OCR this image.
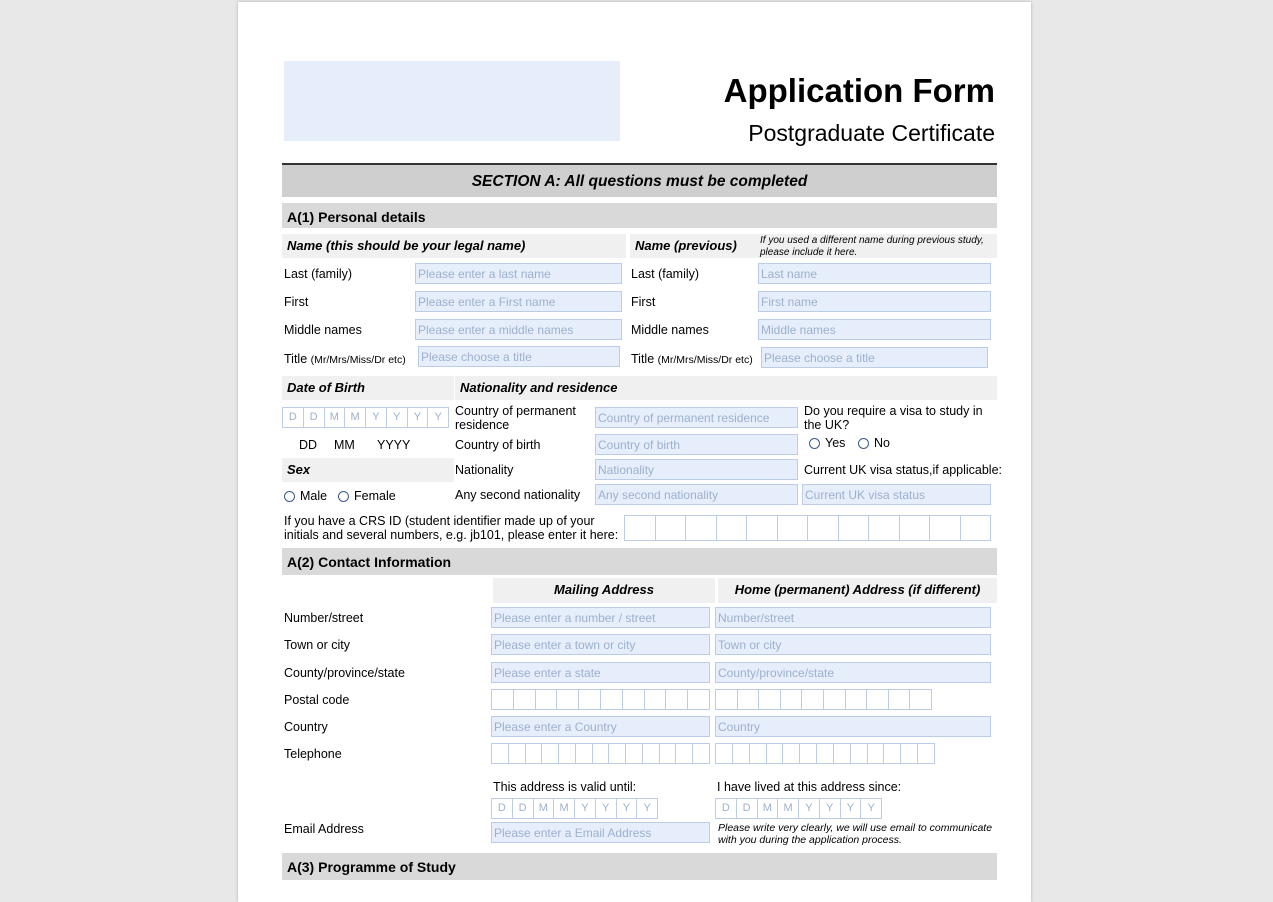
Application Form
Postgraduate Certificate
SECTION A: All questions must be completed
A(1) Personal details
Name (this should be your legal name)	Name (previous) If you used a different name during previous study, please include it here.
Last (family)	Please enter a last name	Last (family)	Last name
First	Please enter a First name	First	First name
Middle names	Please enter a middle names	Middle names	Middle names
Title (Mr/Mrs/Miss/Dr etc) Please choose a title	Title (Mr/Mrs/Miss/Dr etc) Please choose a title
Date of Birth	Nationality and residence
D	D	M	M	Y	Y	Y	Y
DD MM YYYY
Sex
Male Female
Country of permanent residence	Country of permanent residence
Country of birth	Country of birth
Nationality	Nationality
Any second nationality Any second nationality
Do you require a visa to study in the UK?
Yes No
Current UK visa status,if applicable:
Current UK visa status
If you have a CRS ID (student identifier made up of your initials and several numbers, e.g. jb101, please enter it here:
A(2) Contact Information
Mailing Address	Home (permanent) Address (if different)
Number/street	Please enter a number / street	Number/street
Town or city	Please enter a town or city	Town or city
County/province/state	Please enter a state	County/province/state
Postal code
Country	Please enter a Country	Country
Telephone
This address is valid until:
D	D	M	M	Y	Y	Y	Y
I have lived at this address since:
D	D	M	M	Y	Y	Y	Y
Email Address	Please enter a Email Address	Please write very clearly, we will use email to communicate with you during the application process.
A(3) Programme of Study
